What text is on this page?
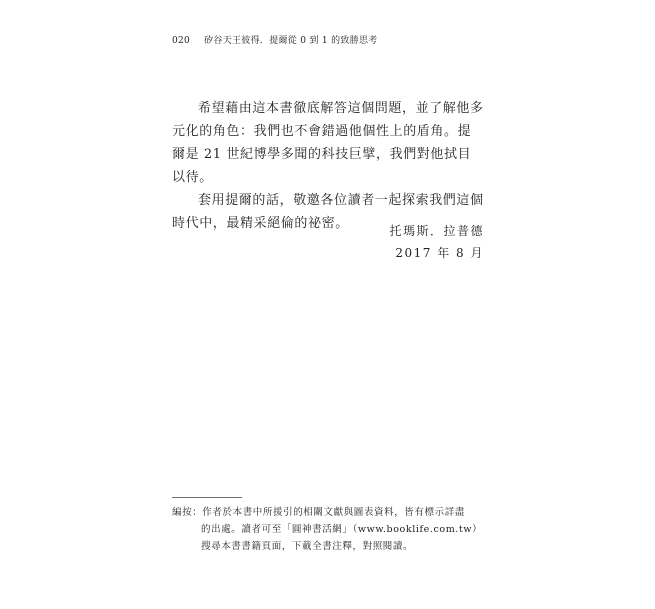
020 矽谷天王彼得．提爾從 0 到 1 的致勝思考

希望藉由這本書徹底解答這個問題，並了解他多元化的角色：我們也不會錯過他個性上的盾角。提爾是 21 世紀博學多聞的科技巨擘，我們對他拭目以待。

套用提爾的話，敬邀各位讀者一起探索我們這個時代中，最精采絕倫的祕密。	托瑪斯．拉普德
2017 年 8 月
編按：作者於本書中所援引的相關文獻與圖表資料，皆有標示詳盡
的出處。讀者可至「圓神書活網」（www.booklife.com.tw）
搜尋本書書籍頁面，下載全書注釋，對照閱讀。
